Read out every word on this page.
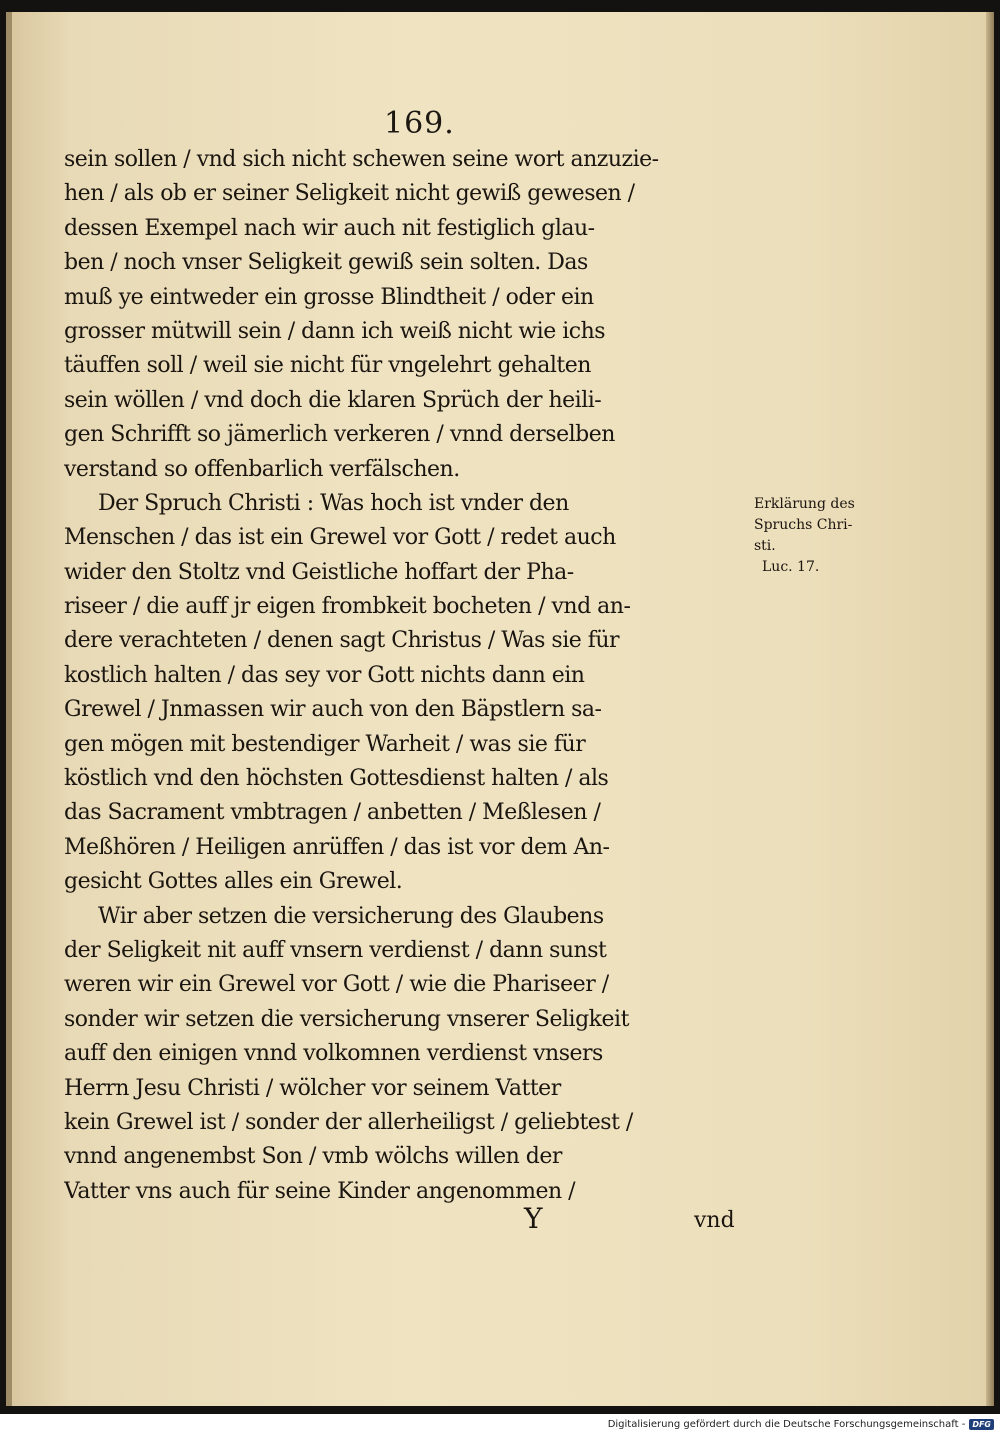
169.
sein sollen / vnd sich nicht schewen seine wort anzuzie-
hen / als ob er seiner Seligkeit nicht gewiß gewesen /
dessen Exempel nach wir auch nit festiglich glau-
ben / noch vnser Seligkeit gewiß sein solten. Das
muß ye eintweder ein grosse Blindtheit / oder ein
grosser mütwill sein / dann ich weiß nicht wie ichs
täuffen soll / weil sie nicht für vngelehrt gehalten
sein wöllen / vnd doch die klaren Sprüch der heili-
gen Schrifft so jämerlich verkeren / vnnd derselben
verstand so offenbarlich verfälschen.
Der Spruch Christi : Was hoch ist vnder den
Menschen / das ist ein Grewel vor Gott / redet auch
wider den Stoltz vnd Geistliche hoffart der Pha-
riseer / die auff jr eigen frombkeit bocheten / vnd an-
dere verachteten / denen sagt Christus / Was sie für
kostlich halten / das sey vor Gott nichts dann ein
Grewel / Jnmassen wir auch von den Bäpstlern sa-
gen mögen mit bestendiger Warheit / was sie für
köstlich vnd den höchsten Gottesdienst halten / als
das Sacrament vmbtragen / anbetten / Meßlesen /
Meßhören / Heiligen anrüffen / das ist vor dem An-
gesicht Gottes alles ein Grewel.
Wir aber setzen die versicherung des Glaubens
der Seligkeit nit auff vnsern verdienst / dann sunst
weren wir ein Grewel vor Gott / wie die Phariseer /
sonder wir setzen die versicherung vnserer Seligkeit
auff den einigen vnnd volkomnen verdienst vnsers
Herrn Jesu Christi / wölcher vor seinem Vatter
kein Grewel ist / sonder der allerheiligst / geliebtest /
vnnd angenembst Son / vmb wölchs willen der
Vatter vns auch für seine Kinder angenommen /
Erklärung des
Spruchs Chri-
sti.
Luc. 17.
Y	vnd
Digitalisierung gefördert durch die Deutsche Forschungsgemeinschaft - DFG
